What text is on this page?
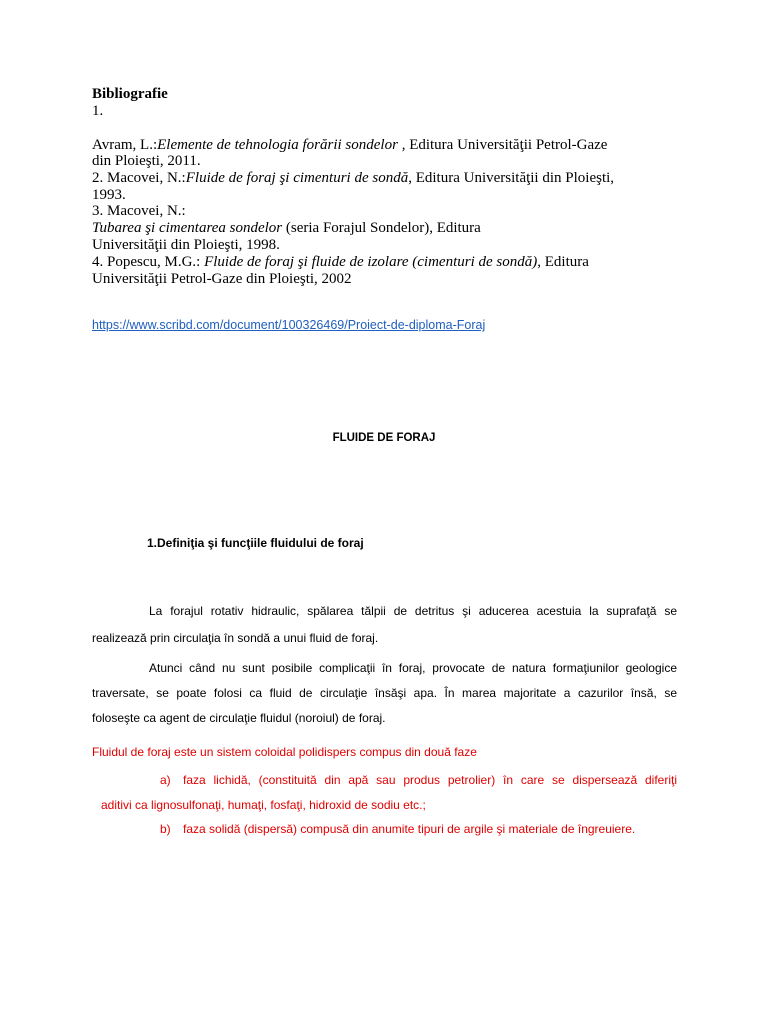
Bibliografie
1.
Avram, L.:Elemente de tehnologia forării sondelor , Editura Universităţii Petrol-Gaze
din Ploieşti, 2011.
2. Macovei, N.:Fluide de foraj şi cimenturi de sondă, Editura Universităţii din Ploieşti,
1993.
3. Macovei, N.:
Tubarea şi cimentarea sondelor (seria Forajul Sondelor), Editura
Universităţii din Ploieşti, 1998.
4. Popescu, M.G.: Fluide de foraj şi fluide de izolare (cimenturi de sondă), Editura
Universităţii Petrol-Gaze din Ploieşti, 2002
https://www.scribd.com/document/100326469/Proiect-de-diploma-Foraj
FLUIDE DE FORAJ
1.Definiţia şi funcţiile fluidului de foraj
La forajul rotativ hidraulic, spălarea tălpii de detritus şi aducerea acestuia la suprafaţă se
realizează prin circulaţia în sondă a unui fluid de foraj.
Atunci când nu sunt posibile complicaţii în foraj, provocate de natura formaţiunilor geologice
traversate, se poate folosi ca fluid de circulaţie însăşi apa. În marea majoritate a cazurilor însă, se
foloseşte ca agent de circulaţie fluidul (noroiul) de foraj.
Fluidul de foraj este un sistem coloidal polidispers compus din două faze
a) faza lichidă, (constituită din apă sau produs petrolier) în care se dispersează diferiţi
aditivi ca lignosulfonaţi, humaţi, fosfaţi, hidroxid de sodiu etc.;
b) faza solidă (dispersă) compusă din anumite tipuri de argile şi materiale de îngreuiere.
